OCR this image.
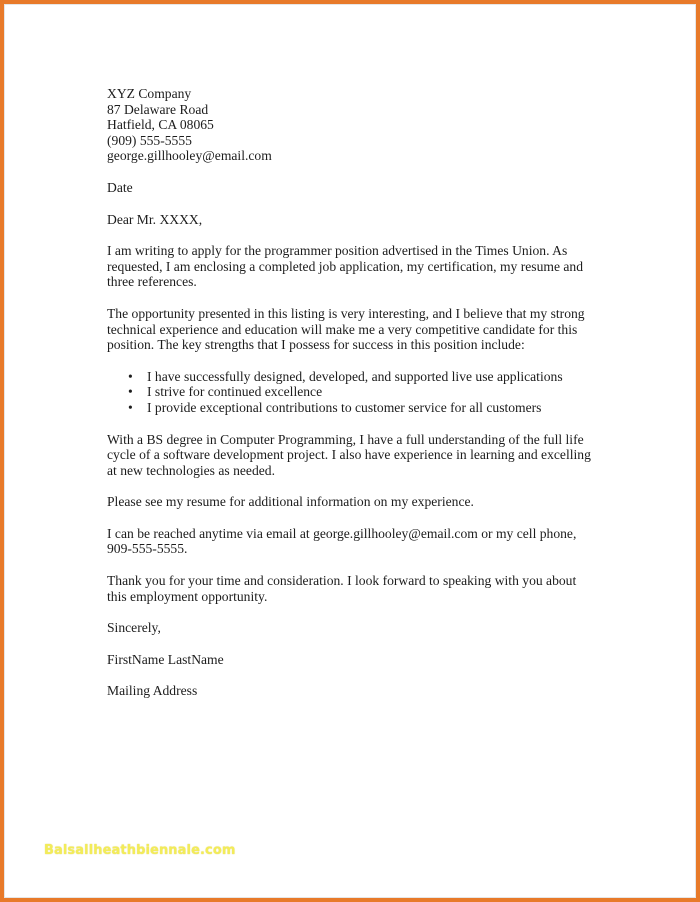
XYZ Company
87 Delaware Road
Hatfield, CA 08065
(909) 555-5555
george.gillhooley@email.com
Date
Dear Mr. XXXX,
I am writing to apply for the programmer position advertised in the Times Union. As
requested, I am enclosing a completed job application, my certification, my resume and
three references.
The opportunity presented in this listing is very interesting, and I believe that my strong
technical experience and education will make me a very competitive candidate for this
position. The key strengths that I possess for success in this position include:
• I have successfully designed, developed, and supported live use applications
• I strive for continued excellence
• I provide exceptional contributions to customer service for all customers
With a BS degree in Computer Programming, I have a full understanding of the full life
cycle of a software development project. I also have experience in learning and excelling
at new technologies as needed.
Please see my resume for additional information on my experience.
I can be reached anytime via email at george.gillhooley@email.com or my cell phone,
909-555-5555.
Thank you for your time and consideration. I look forward to speaking with you about
this employment opportunity.
Sincerely,
FirstName LastName
Mailing Address
Balsallheathbiennale.com
